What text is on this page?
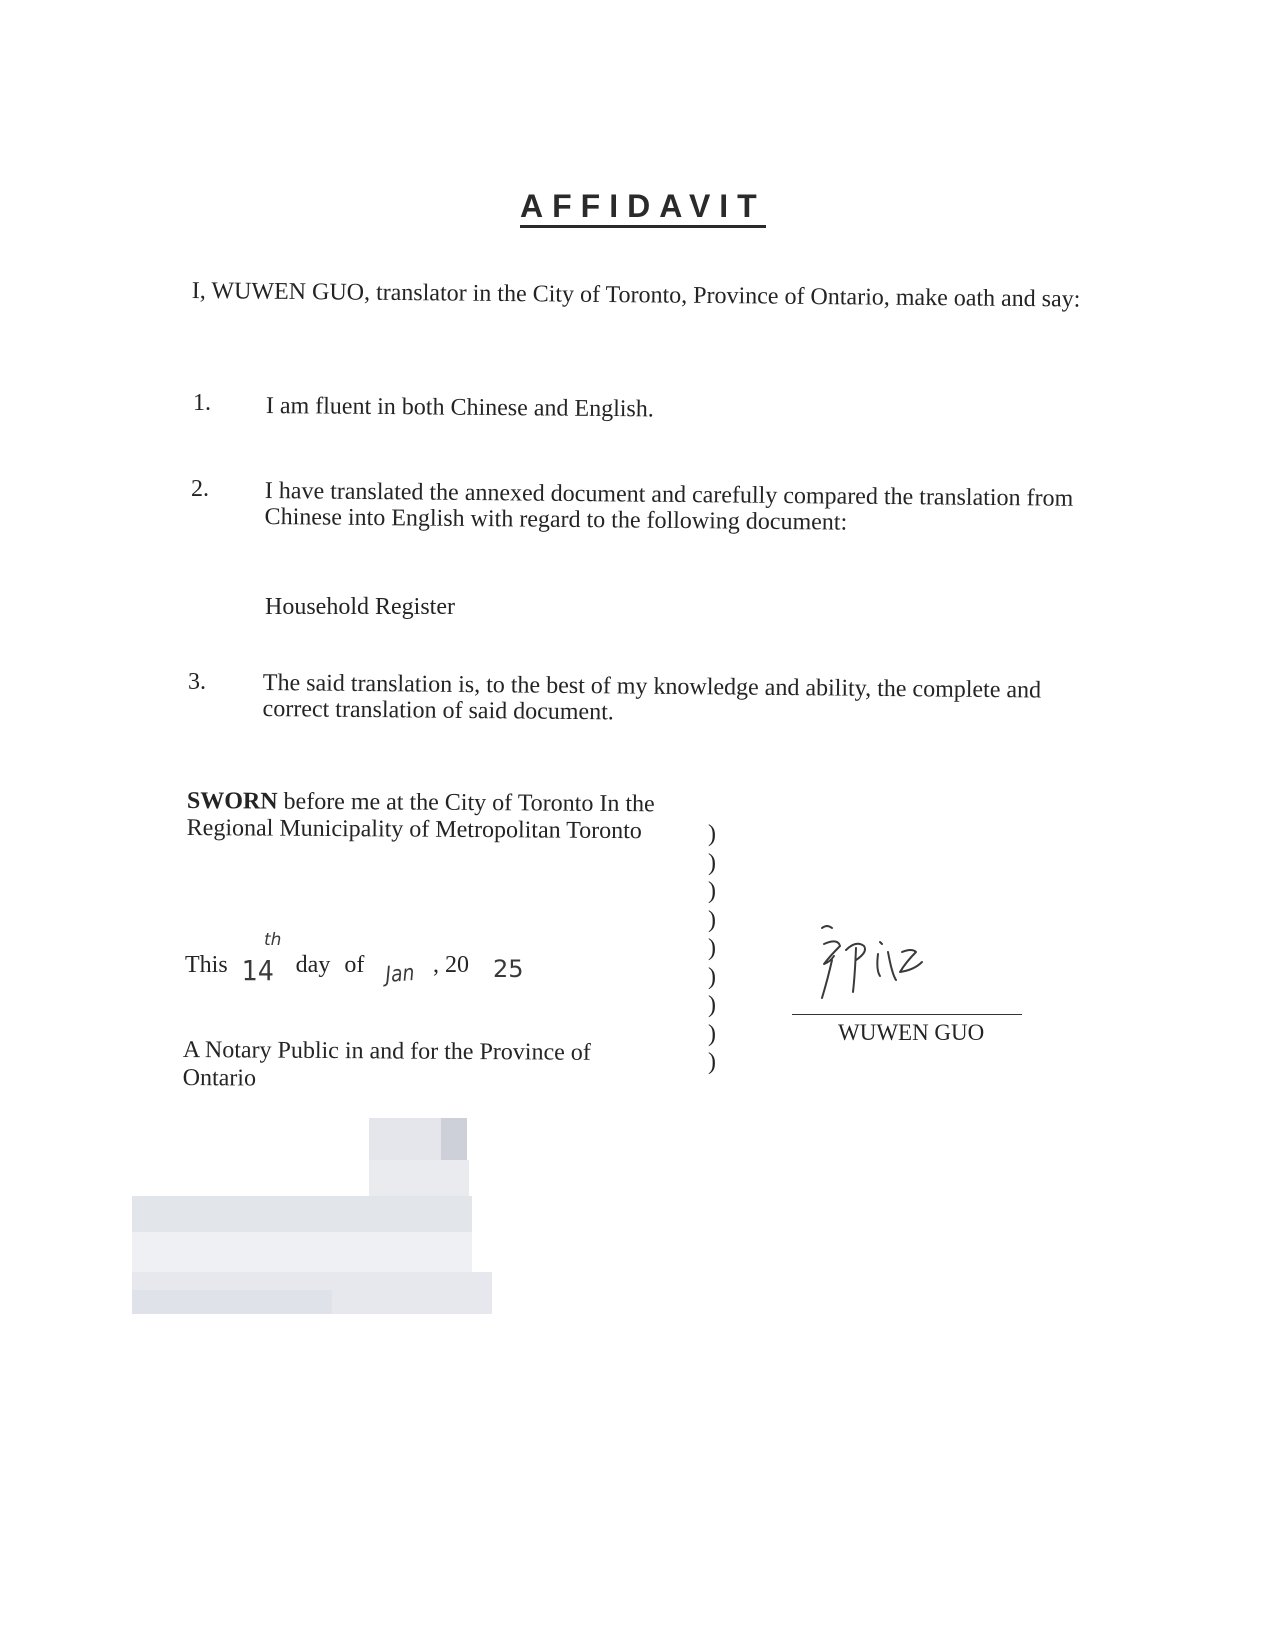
AFFIDAVIT
I, WUWEN GUO, translator in the City of Toronto, Province of Ontario, make oath and say:
1. I am fluent in both Chinese and English.
2. I have translated the annexed document and carefully compared the translation from Chinese into English with regard to the following document:
Household Register
3. The said translation is, to the best of my knowledge and ability, the complete and correct translation of said document.
SWORN before me at the City of Toronto In the Regional Municipality of Metropolitan Toronto	)
)
)
)
)
)
)
)
)
This	day of
th
14	Jan , 20 25
A Notary Public in and for the Province of Ontario
WUWEN GUO
